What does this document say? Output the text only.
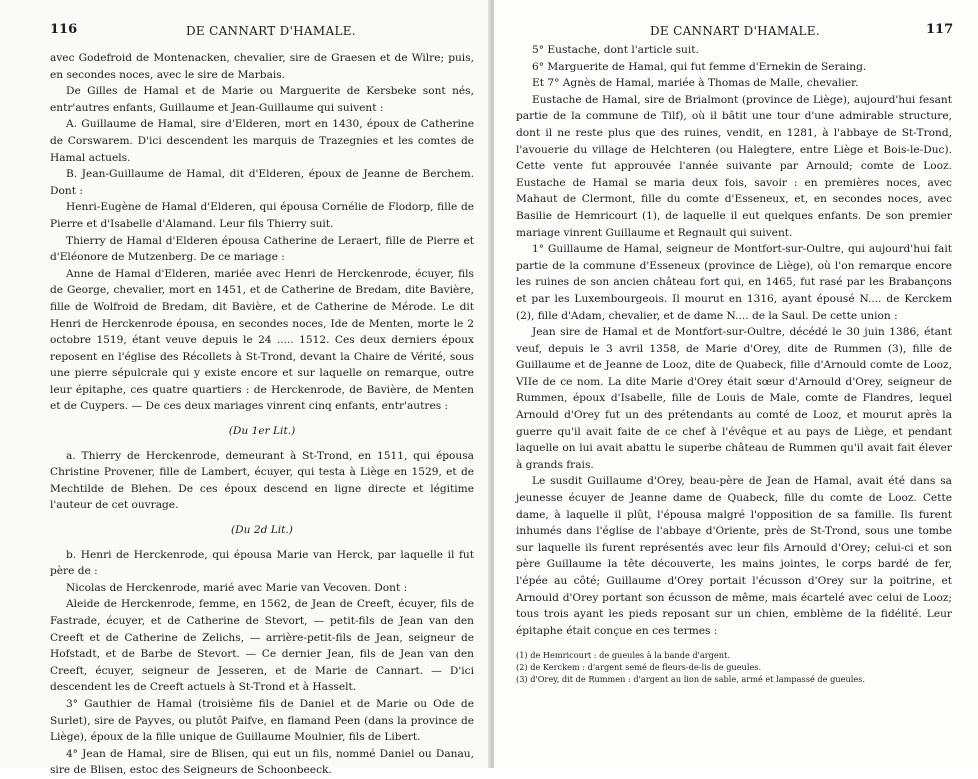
116	DE CANNART D'HAMALE.

avec Godefroid de Montenacken, chevalier, sire de Graesen et de Wilre; puis, en secondes noces, avec le sire de Marbais.

De Gilles de Hamal et de Marie ou Marguerite de Kersbeke sont nés, entr'autres enfants, Guillaume et Jean-Guillaume qui suivent :

A. Guillaume de Hamal, sire d'Elderen, mort en 1430, époux de Catherine de Corswarem. D'ici descendent les marquis de Trazegnies et les comtes de Hamal actuels.

B. Jean-Guillaume de Hamal, dit d'Elderen, époux de Jeanne de Berchem. Dont :

Henri-Eugène de Hamal d'Elderen, qui épousa Cornélie de Flodorp, fille de Pierre et d'Isabelle d'Alamand. Leur fils Thierry suit.

Thierry de Hamal d'Elderen épousa Catherine de Leraert, fille de Pierre et d'Eléonore de Mutzenberg. De ce mariage :

Anne de Hamal d'Elderen, mariée avec Henri de Herckenrode, écuyer, fils de George, chevalier, mort en 1451, et de Catherine de Bredam, dite Bavière, fille de Wolfroid de Bredam, dit Bavière, et de Catherine de Mérode. Le dit Henri de Herckenrode épousa, en secondes noces, Ide de Menten, morte le 2 octobre 1519, étant veuve depuis le 24 ..... 1512. Ces deux derniers époux reposent en l'église des Récollets à St-Trond, devant la Chaire de Vérité, sous une pierre sépulcrale qui y existe encore et sur laquelle on remarque, outre leur épitaphe, ces quatre quartiers : de Herckenrode, de Bavière, de Menten et de Cuypers. — De ces deux mariages vinrent cinq enfants, entr'autres :

(Du 1er Lit.)

a. Thierry de Herckenrode, demeurant à St-Trond, en 1511, qui épousa Christine Provener, fille de Lambert, écuyer, qui testa à Liège en 1529, et de Mechtilde de Blehen. De ces époux descend en ligne directe et légitime l'auteur de cet ouvrage.

(Du 2d Lit.)

b. Henri de Herckenrode, qui épousa Marie van Herck, par laquelle il fut père de :

Nicolas de Herckenrode, marié avec Marie van Vecoven. Dont :

Aleide de Herckenrode, femme, en 1562, de Jean de Creeft, écuyer, fils de Fastrade, écuyer, et de Catherine de Stevort, — petit-fils de Jean van den Creeft et de Catherine de Zelichs, — arrière-petit-fils de Jean, seigneur de Hofstadt, et de Barbe de Stevort. — Ce dernier Jean, fils de Jean van den Creeft, écuyer, seigneur de Jesseren, et de Marie de Cannart. — D'ici descendent les de Creeft actuels à St-Trond et à Hasselt.

3° Gauthier de Hamal (troisième fils de Daniel et de Marie ou Ode de Surlet), sire de Payves, ou plutôt Paifve, en flamand Peen (dans la province de Liège), époux de la fille unique de Guillaume Moulnier, fils de Libert.

4° Jean de Hamal, sire de Blisen, qui eut un fils, nommé Daniel ou Danau, sire de Blisen, estoc des Seigneurs de Schoonbeeck.

DE CANNART D'HAMALE.	117

5° Eustache, dont l'article suit.

6° Marguerite de Hamal, qui fut femme d'Ernekin de Seraing.

Et 7° Agnès de Hamal, mariée à Thomas de Malle, chevalier.

Eustache de Hamal, sire de Brialmont (province de Liège), aujourd'hui fesant partie de la commune de Tilf), où il bâtit une tour d'une admirable structure, dont il ne reste plus que des ruines, vendit, en 1281, à l'abbaye de St-Trond, l'avouerie du village de Helchteren (ou Halegtere, entre Liège et Bois-le-Duc). Cette vente fut approuvée l'année suivante par Arnould; comte de Looz. Eustache de Hamal se maria deux fois, savoir : en premières noces, avec Mahaut de Clermont, fille du comte d'Esseneux, et, en secondes noces, avec Basilie de Hemricourt (1), de laquelle il eut quelques enfants. De son premier mariage vinrent Guillaume et Regnault qui suivent.

1° Guillaume de Hamal, seigneur de Montfort-sur-Oultre, qui aujourd'hui fait partie de la commune d'Esseneux (province de Liège), où l'on remarque encore les ruines de son ancien château fort qui, en 1465, fut rasé par les Brabançons et par les Luxembourgeois. Il mourut en 1316, ayant épousé N.... de Kerckem (2), fille d'Adam, chevalier, et de dame N.... de la Saul. De cette union :

Jean sire de Hamal et de Montfort-sur-Oultre, décédé le 30 juin 1386, étant veuf, depuis le 3 avril 1358, de Marie d'Orey, dite de Rummen (3), fille de Guillaume et de Jeanne de Looz, dite de Quabeck, fille d'Arnould comte de Looz, VIIe de ce nom. La dite Marie d'Orey était sœur d'Arnould d'Orey, seigneur de Rummen, époux d'Isabelle, fille de Louis de Male, comte de Flandres, lequel Arnould d'Orey fut un des prétendants au comté de Looz, et mourut après la guerre qu'il avait faite de ce chef à l'évêque et au pays de Liège, et pendant laquelle on lui avait abattu le superbe château de Rummen qu'il avait fait élever à grands frais.

Le susdit Guillaume d'Orey, beau-père de Jean de Hamal, avait été dans sa jeunesse écuyer de Jeanne dame de Quabeck, fille du comte de Looz. Cette dame, à laquelle il plût, l'épousa malgré l'opposition de sa famille. Ils furent inhumés dans l'église de l'abbaye d'Oriente, près de St-Trond, sous une tombe sur laquelle ils furent représentés avec leur fils Arnould d'Orey; celui-ci et son père Guillaume la tête découverte, les mains jointes, le corps bardé de fer, l'épée au côté; Guillaume d'Orey portait l'écusson d'Orey sur la poitrine, et Arnould d'Orey portant son écusson de même, mais écartelé avec celui de Looz; tous trois ayant les pieds reposant sur un chien, emblème de la fidélité. Leur épitaphe était conçue en ces termes :

(1) de Hemricourt : de gueules à la bande d'argent.
(2) de Kerckem : d'argent semé de fleurs-de-lis de gueules.
(3) d'Orey, dit de Rummen : d'argent au lion de sable, armé et lampassé de gueules.
